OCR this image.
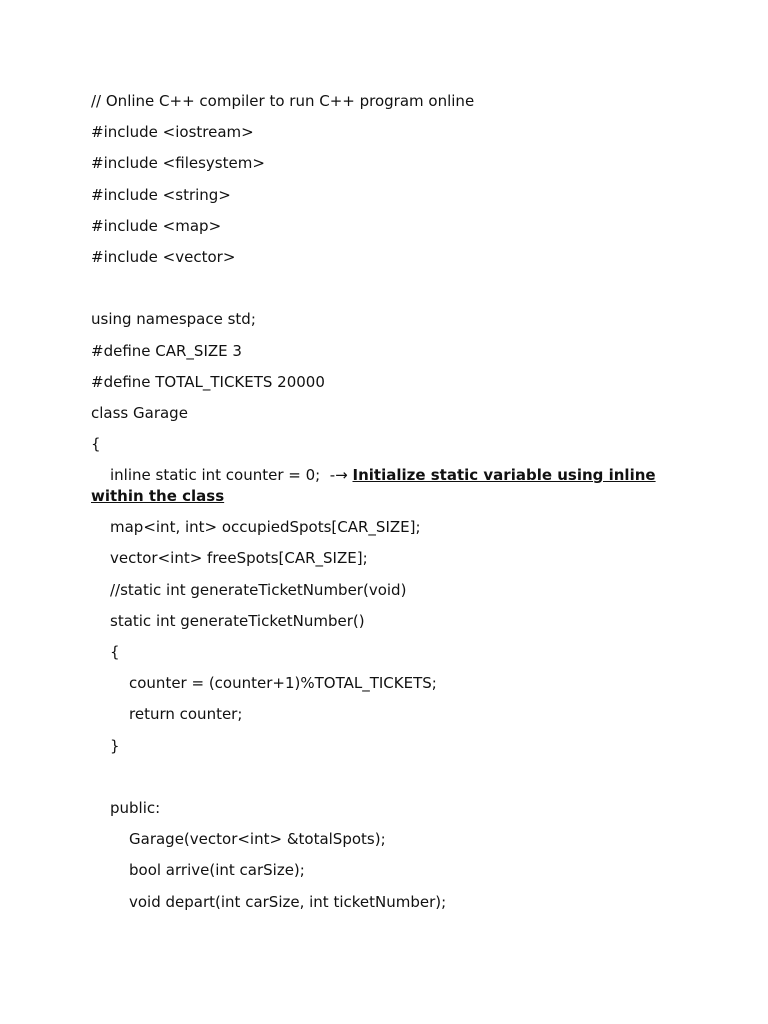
// Online C++ compiler to run C++ program online
#include <iostream>
#include <filesystem>
#include <string>
#include <map>
#include <vector>
using namespace std;
#define CAR_SIZE 3
#define TOTAL_TICKETS 20000
class Garage
{
inline static int counter = 0;  -→ Initialize static variable using inline within the class
map<int, int> occupiedSpots[CAR_SIZE];
vector<int> freeSpots[CAR_SIZE];
//static int generateTicketNumber(void)
static int generateTicketNumber()
{
counter = (counter+1)%TOTAL_TICKETS;
return counter;
}
public:
Garage(vector<int> &totalSpots);
bool arrive(int carSize);
void depart(int carSize, int ticketNumber);
